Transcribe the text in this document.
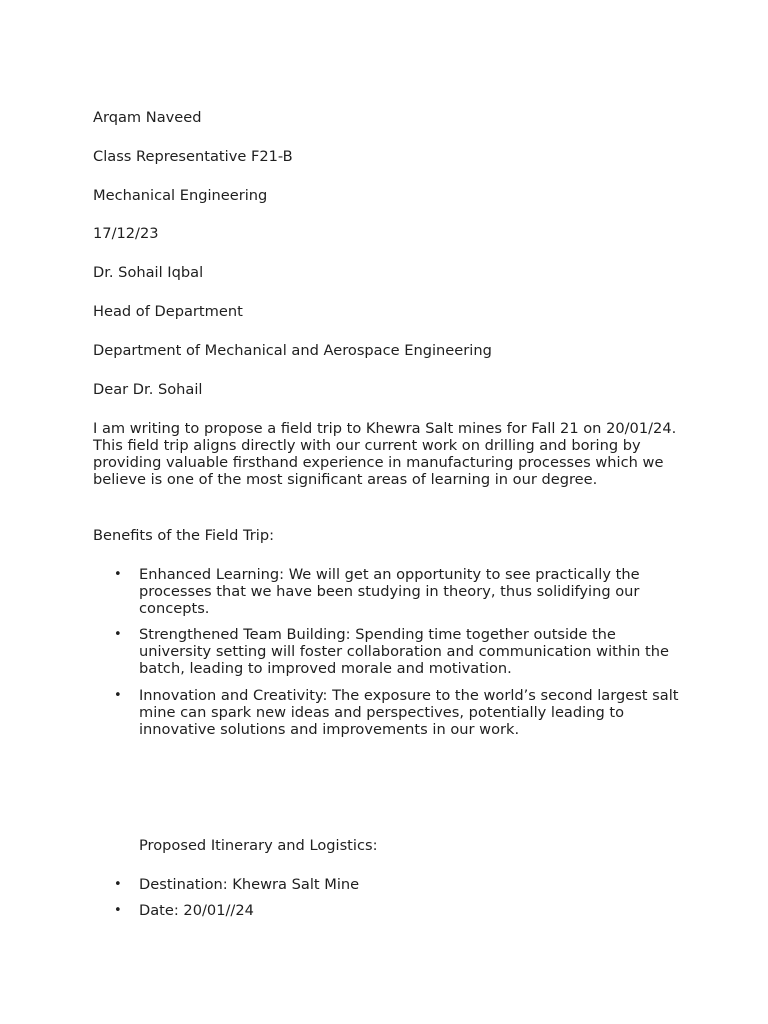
Arqam Naveed

Class Representative F21-B

Mechanical Engineering

17/12/23

Dr. Sohail Iqbal

Head of Department

Department of Mechanical and Aerospace Engineering

Dear Dr. Sohail

I am writing to propose a field trip to Khewra Salt mines for Fall 21 on 20/01/24. This field trip aligns directly with our current work on drilling and boring by providing valuable firsthand experience in manufacturing processes which we believe is one of the most significant areas of learning in our degree.

Benefits of the Field Trip:

• Enhanced Learning: We will get an opportunity to see practically the processes that we have been studying in theory, thus solidifying our concepts.

• Strengthened Team Building: Spending time together outside the university setting will foster collaboration and communication within the batch, leading to improved morale and motivation.

• Innovation and Creativity: The exposure to the world’s second largest salt mine can spark new ideas and perspectives, potentially leading to innovative solutions and improvements in our work.

Proposed Itinerary and Logistics:

• Destination: Khewra Salt Mine

• Date: 20/01//24
